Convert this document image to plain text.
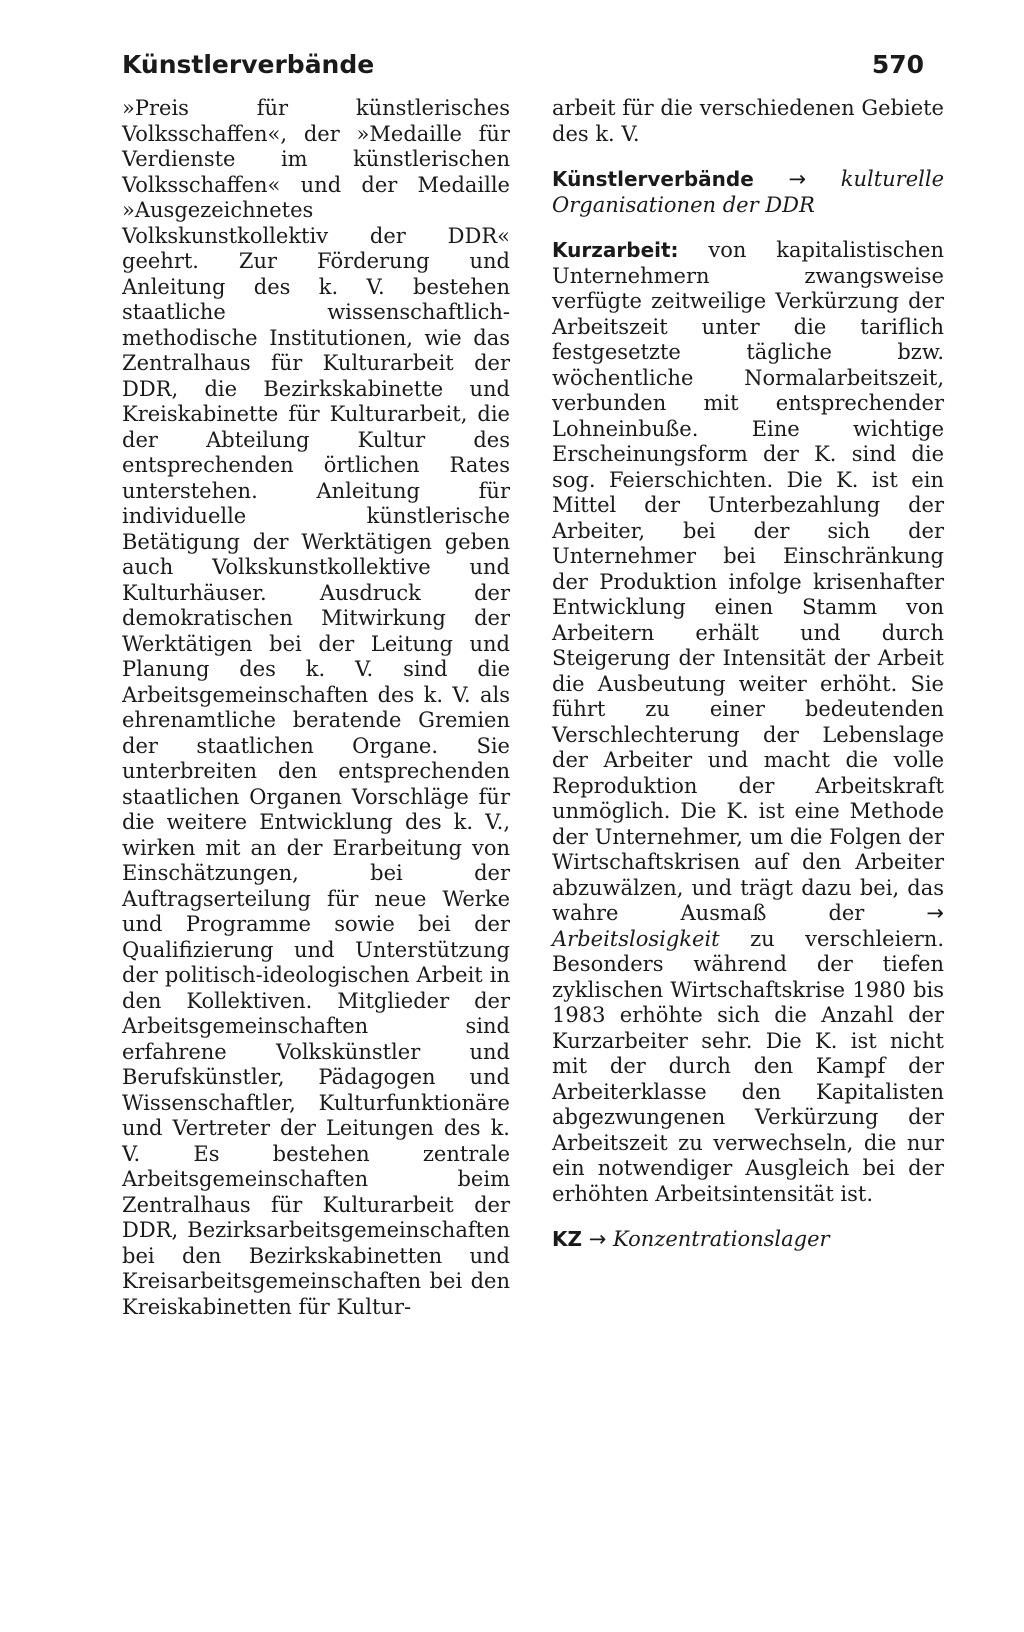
Künstlerverbände	570

»Preis für künstlerisches Volksschaffen«, der »Medaille für Verdienste im künstlerischen Volksschaffen« und der Medaille »Ausgezeichnetes Volkskunstkollektiv der DDR« geehrt. Zur Förderung und Anleitung des k. V. bestehen staatliche wissenschaftlich-methodische Institutionen, wie das Zentralhaus für Kulturarbeit der DDR, die Bezirkskabinette und Kreiskabinette für Kulturarbeit, die der Abteilung Kultur des entsprechenden örtlichen Rates unterstehen. Anleitung für individuelle künstlerische Betätigung der Werktätigen geben auch Volkskunstkollektive und Kulturhäuser. Ausdruck der demokratischen Mitwirkung der Werktätigen bei der Leitung und Planung des k. V. sind die Arbeitsgemeinschaften des k. V. als ehrenamtliche beratende Gremien der staatlichen Organe. Sie unterbreiten den entsprechenden staatlichen Organen Vorschläge für die weitere Entwicklung des k. V., wirken mit an der Erarbeitung von Einschätzungen, bei der Auftragserteilung für neue Werke und Programme sowie bei der Qualifizierung und Unterstützung der politisch-ideologischen Arbeit in den Kollektiven. Mitglieder der Arbeitsgemeinschaften sind erfahrene Volkskünstler und Berufskünstler, Pädagogen und Wissenschaftler, Kulturfunktionäre und Vertreter der Leitungen des k. V. Es bestehen zentrale Arbeitsgemeinschaften beim Zentralhaus für Kulturarbeit der DDR, Bezirksarbeitsgemeinschaften bei den Bezirkskabinetten und Kreisarbeitsgemeinschaften bei den Kreiskabinetten für Kultur-

arbeit für die verschiedenen Gebiete des k. V.

Künstlerverbände → kulturelle Organisationen der DDR

Kurzarbeit: von kapitalistischen Unternehmern zwangsweise verfügte zeitweilige Verkürzung der Arbeitszeit unter die tariflich festgesetzte tägliche bzw. wöchentliche Normalarbeitszeit, verbunden mit entsprechender Lohneinbuße. Eine wichtige Erscheinungsform der K. sind die sog. Feierschichten. Die K. ist ein Mittel der Unterbezahlung der Arbeiter, bei der sich der Unternehmer bei Einschränkung der Produktion infolge krisenhafter Entwicklung einen Stamm von Arbeitern erhält und durch Steigerung der Intensität der Arbeit die Ausbeutung weiter erhöht. Sie führt zu einer bedeutenden Verschlechterung der Lebenslage der Arbeiter und macht die volle Reproduktion der Arbeitskraft unmöglich. Die K. ist eine Methode der Unternehmer, um die Folgen der Wirtschaftskrisen auf den Arbeiter abzuwälzen, und trägt dazu bei, das wahre Ausmaß der	→ Arbeitslosigkeit zu verschleiern. Besonders während der tiefen zyklischen Wirtschaftskrise 1980 bis 1983 erhöhte sich die Anzahl der Kurzarbeiter sehr. Die K. ist nicht mit der durch den Kampf der Arbeiterklasse den Kapitalisten abgezwungenen Verkürzung der Arbeitszeit zu verwechseln, die nur ein notwendiger Ausgleich bei der erhöhten Arbeitsintensität ist.

KZ → Konzentrationslager
